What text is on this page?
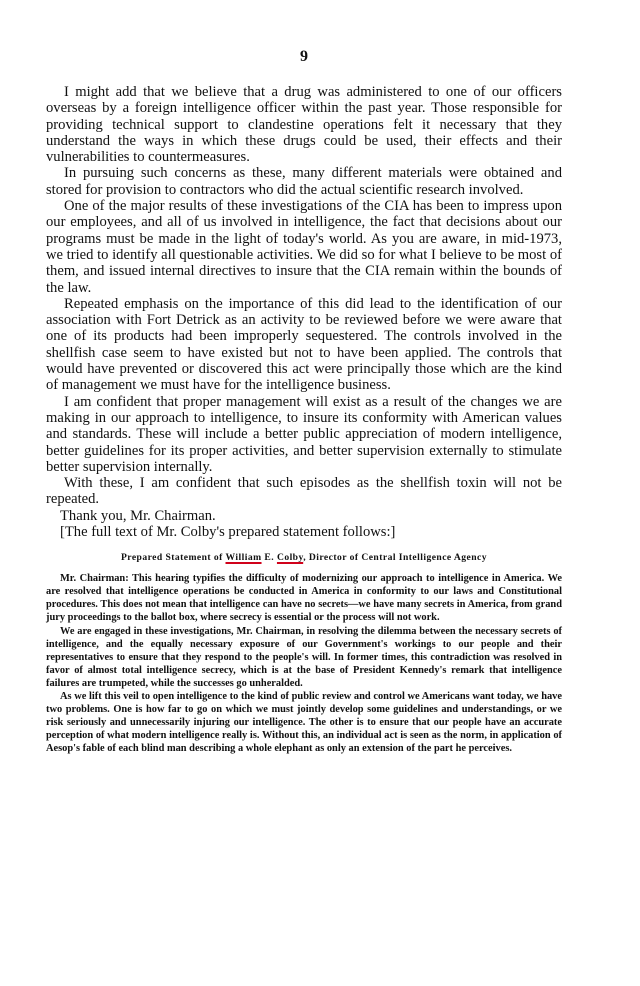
9

I might add that we believe that a drug was administered to one of our officers overseas by a foreign intelligence officer within the past year. Those responsible for providing technical support to clandestine operations felt it necessary that they understand the ways in which these drugs could be used, their effects and their vulnerabilities to countermeasures.

In pursuing such concerns as these, many different materials were obtained and stored for provision to contractors who did the actual scientific research involved.

One of the major results of these investigations of the CIA has been to impress upon our employees, and all of us involved in intelligence, the fact that decisions about our programs must be made in the light of today's world. As you are aware, in mid-1973, we tried to identify all questionable activities. We did so for what I believe to be most of them, and issued internal directives to insure that the CIA remain within the bounds of the law.

Repeated emphasis on the importance of this did lead to the identification of our association with Fort Detrick as an activity to be reviewed before we were aware that one of its products had been improperly sequestered. The controls involved in the shellfish case seem to have existed but not to have been applied. The controls that would have prevented or discovered this act were principally those which are the kind of management we must have for the intelligence business.

I am confident that proper management will exist as a result of the changes we are making in our approach to intelligence, to insure its conformity with American values and standards. These will include a better public appreciation of modern intelligence, better guidelines for its proper activities, and better supervision externally to stimulate better supervision internally.

With these, I am confident that such episodes as the shellfish toxin will not be repeated.

Thank you, Mr. Chairman.

[The full text of Mr. Colby's prepared statement follows:]

Prepared Statement of William E. Colby, Director of Central Intelligence Agency

Mr. Chairman: This hearing typifies the difficulty of modernizing our approach to intelligence in America. We are resolved that intelligence operations be conducted in America in conformity to our laws and Constitutional procedures. This does not mean that intelligence can have no secrets—we have many secrets in America, from grand jury proceedings to the ballot box, where secrecy is essential or the process will not work.

We are engaged in these investigations, Mr. Chairman, in resolving the dilemma between the necessary secrets of intelligence, and the equally necessary exposure of our Government's workings to our people and their representatives to ensure that they respond to the people's will. In former times, this contradiction was resolved in favor of almost total intelligence secrecy, which is at the base of President Kennedy's remark that intelligence failures are trumpeted, while the successes go unheralded.

As we lift this veil to open intelligence to the kind of public review and control we Americans want today, we have two problems. One is how far to go on which we must jointly develop some guidelines and understandings, or we risk seriously and unnecessarily injuring our intelligence. The other is to ensure that our people have an accurate perception of what modern intelligence really is. Without this, an individual act is seen as the norm, in application of Aesop's fable of each blind man describing a whole elephant as only an extension of the part he perceives.
